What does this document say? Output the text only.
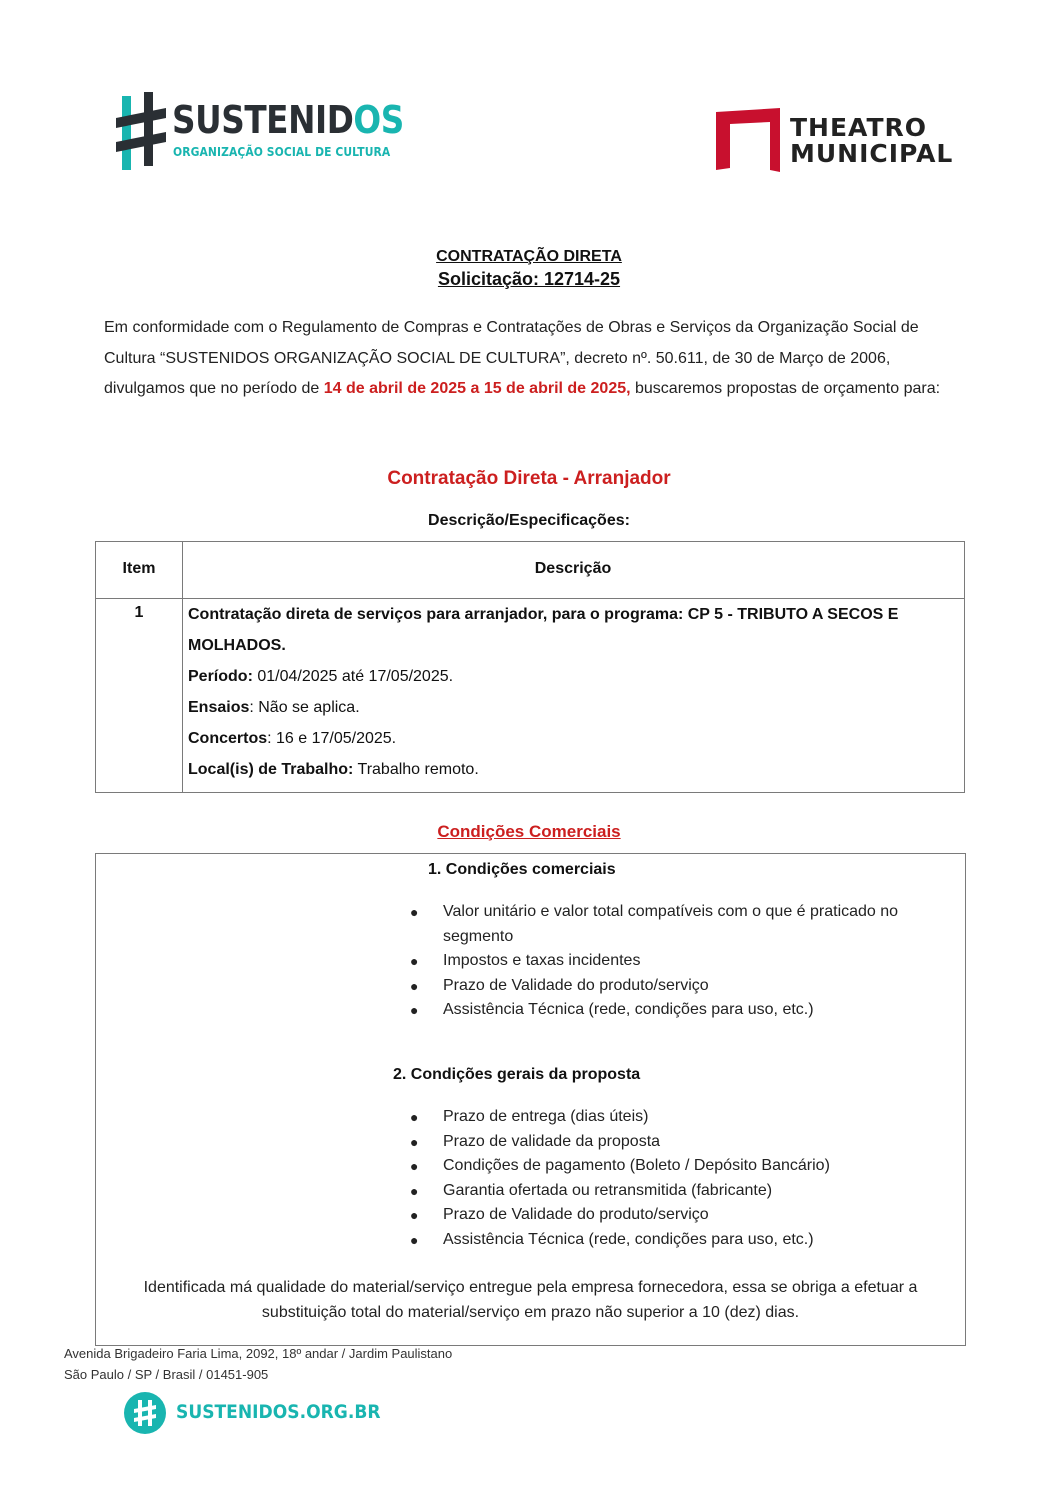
SUSTENIDOS
ORGANIZAÇÃO SOCIAL DE CULTURA
THEATRO
MUNICIPAL
CONTRATAÇÃO DIRETA
Solicitação: 12714-25
Em conformidade com o Regulamento de Compras e Contratações de Obras e Serviços da Organização Social de Cultura “SUSTENIDOS ORGANIZAÇÃO SOCIAL DE CULTURA”, decreto nº. 50.611, de 30 de Março de 2006, divulgamos que no período de 14 de abril de 2025 a 15 de abril de 2025, buscaremos propostas de orçamento para:
Contratação Direta - Arranjador
Descrição/Especificações:
Item	Descrição
1	Contratação direta de serviços para arranjador, para o programa: CP 5 - TRIBUTO A SECOS E MOLHADOS.
Período: 01/04/2025 até 17/05/2025.
Ensaios: Não se aplica.
Concertos: 16 e 17/05/2025.
Local(is) de Trabalho: Trabalho remoto.
Condições Comerciais
1. Condições comerciais
● Valor unitário e valor total compatíveis com o que é praticado no segmento
● Impostos e taxas incidentes
● Prazo de Validade do produto/serviço
● Assistência Técnica (rede, condições para uso, etc.)
2. Condições gerais da proposta
● Prazo de entrega (dias úteis)
● Prazo de validade da proposta
● Condições de pagamento (Boleto / Depósito Bancário)
● Garantia ofertada ou retransmitida (fabricante)
● Prazo de Validade do produto/serviço
● Assistência Técnica (rede, condições para uso, etc.)
Identificada má qualidade do material/serviço entregue pela empresa fornecedora, essa se obriga a efetuar a substituição total do material/serviço em prazo não superior a 10 (dez) dias.
Avenida Brigadeiro Faria Lima, 2092, 18º andar / Jardim Paulistano
São Paulo / SP / Brasil / 01451-905
SUSTENIDOS.ORG.BR
